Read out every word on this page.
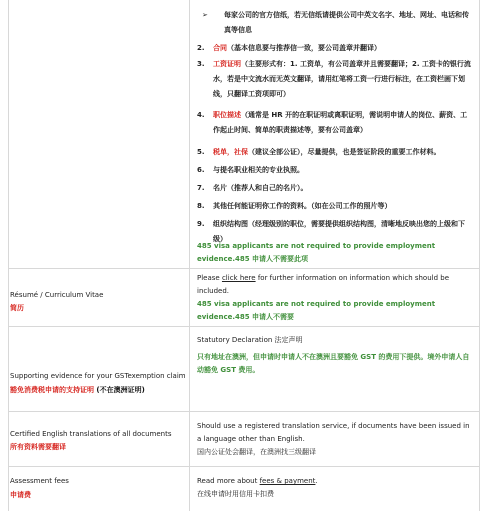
➢ 每家公司的官方信纸，若无信纸请提供公司中英文名字、地址、网址、电话和传真等信息
2. 合同（基本信息要与推荐信一致，要公司盖章并翻译）
3. 工资证明（主要形式有：1. 工资单，有公司盖章并且需要翻译；2. 工资卡的银行流水，若是中文流水而无英文翻译，请用红笔将工资一行进行标注，在工资栏画下划线，只翻译工资项即可）
4. 职位描述（通常是 HR 开的在职证明或离职证明，需说明申请人的岗位、薪资、工作起止时间、简单的职责描述等，要有公司盖章）
5. 税单，社保（建议全部公证），尽量提供，也是签证阶段的重要工作材料。
6. 与提名职业相关的专业执照。
7. 名片（推荐人和自己的名片）。
8. 其他任何能证明你工作的资料。（如在公司工作的照片等）
9. 组织结构图（经理级别的职位，需要提供组织结构图，清晰地反映出您的上级和下级）
485 visa applicants are not required to provide employment evidence.485 申请人不需要此项
Résumé / Curriculum Vitae
简历
Please click here for further information on information which should be included.
485 visa applicants are not required to provide employment evidence.485 申请人不需要
Supporting evidence for your GSTexemption claim
豁免消费税申请的支持证明 (不在澳洲证明)
Statutory Declaration 法定声明
只有地址在澳洲，但申请时申请人不在澳洲且要豁免 GST 的费用下提供。境外申请人自动豁免 GST 费用。
Certified English translations of all documents
所有资料需要翻译
Should use a registered translation service, if documents have been issued in a language other than English.
国内公证处会翻译，在澳洲找三级翻译
Assessment fees
申请费
Read more about fees & payment.
在线申请时用信用卡扣费
